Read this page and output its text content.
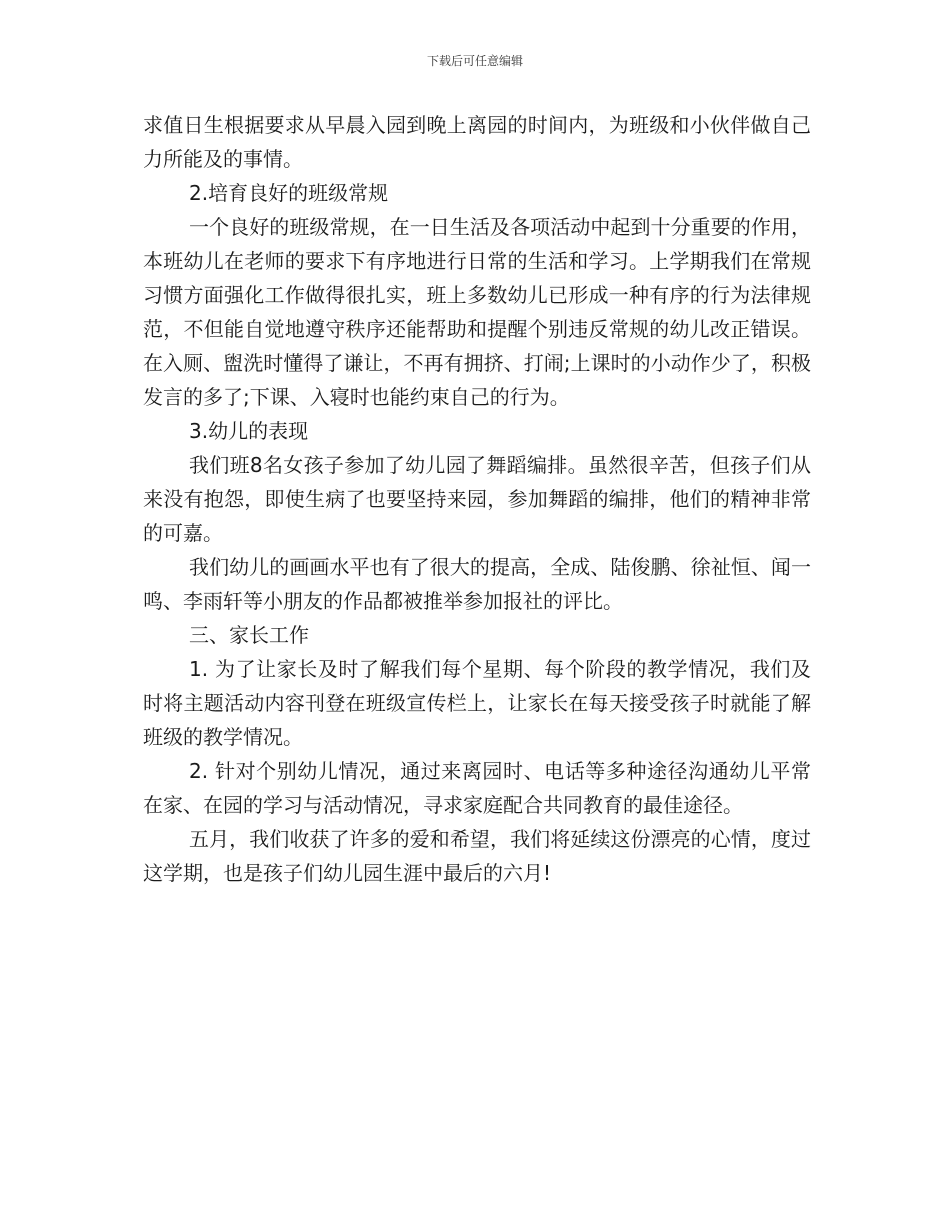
下载后可任意编辑

求值日生根据要求从早晨入园到晚上离园的时间内，为班级和小伙伴做自己力所能及的事情。

2.培育良好的班级常规

一个良好的班级常规，在一日生活及各项活动中起到十分重要的作用，本班幼儿在老师的要求下有序地进行日常的生活和学习。上学期我们在常规习惯方面强化工作做得很扎实，班上多数幼儿已形成一种有序的行为法律规范，不但能自觉地遵守秩序还能帮助和提醒个别违反常规的幼儿改正错误。在入厕、盥洗时懂得了谦让，不再有拥挤、打闹;上课时的小动作少了，积极发言的多了;下课、入寝时也能约束自己的行为。

3.幼儿的表现

我们班8名女孩子参加了幼儿园了舞蹈编排。虽然很辛苦，但孩子们从来没有抱怨，即使生病了也要坚持来园，参加舞蹈的编排，他们的精神非常的可嘉。

我们幼儿的画画水平也有了很大的提高，全成、陆俊鹏、徐祉恒、闻一鸣、李雨轩等小朋友的作品都被推举参加报社的评比。

三、家长工作

1. 为了让家长及时了解我们每个星期、每个阶段的教学情况，我们及时将主题活动内容刊登在班级宣传栏上，让家长在每天接受孩子时就能了解班级的教学情况。

2. 针对个别幼儿情况，通过来离园时、电话等多种途径沟通幼儿平常在家、在园的学习与活动情况，寻求家庭配合共同教育的最佳途径。

五月，我们收获了许多的爱和希望，我们将延续这份漂亮的心情，度过这学期，也是孩子们幼儿园生涯中最后的六月!
